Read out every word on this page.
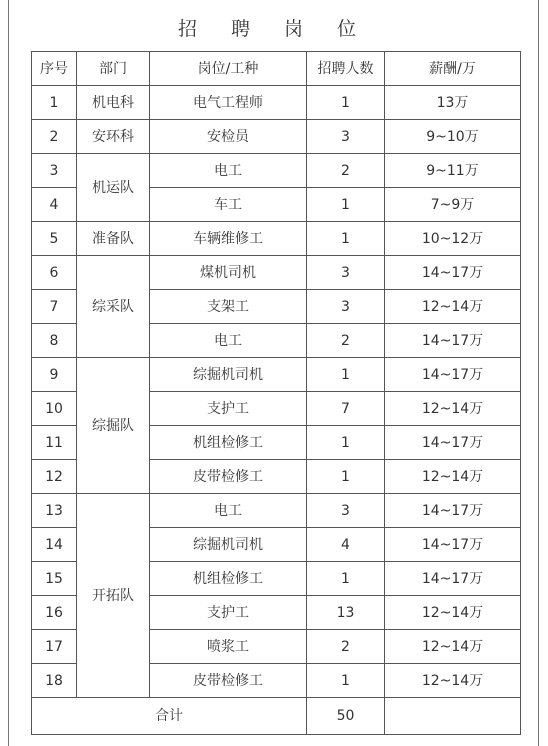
招 聘 岗 位
序号	部门	岗位/工种	招聘人数	薪酬/万
1	机电科	电气工程师	1	13万
2	安环科	安检员	3	9~10万
3	机运队	电工	2	9~11万
4		车工	1	7~9万
5	准备队	车辆维修工	1	10~12万
6	综采队	煤机司机	3	14~17万
7		支架工	3	12~14万
8		电工	2	14~17万
9	综掘队	综掘机司机	1	14~17万
10		支护工	7	12~14万
11		机组检修工	1	14~17万
12		皮带检修工	1	12~14万
13	开拓队	电工	3	14~17万
14		综掘机司机	4	14~17万
15		机组检修工	1	14~17万
16		支护工	13	12~14万
17		喷浆工	2	12~14万
18		皮带检修工	1	12~14万
合计			50	
